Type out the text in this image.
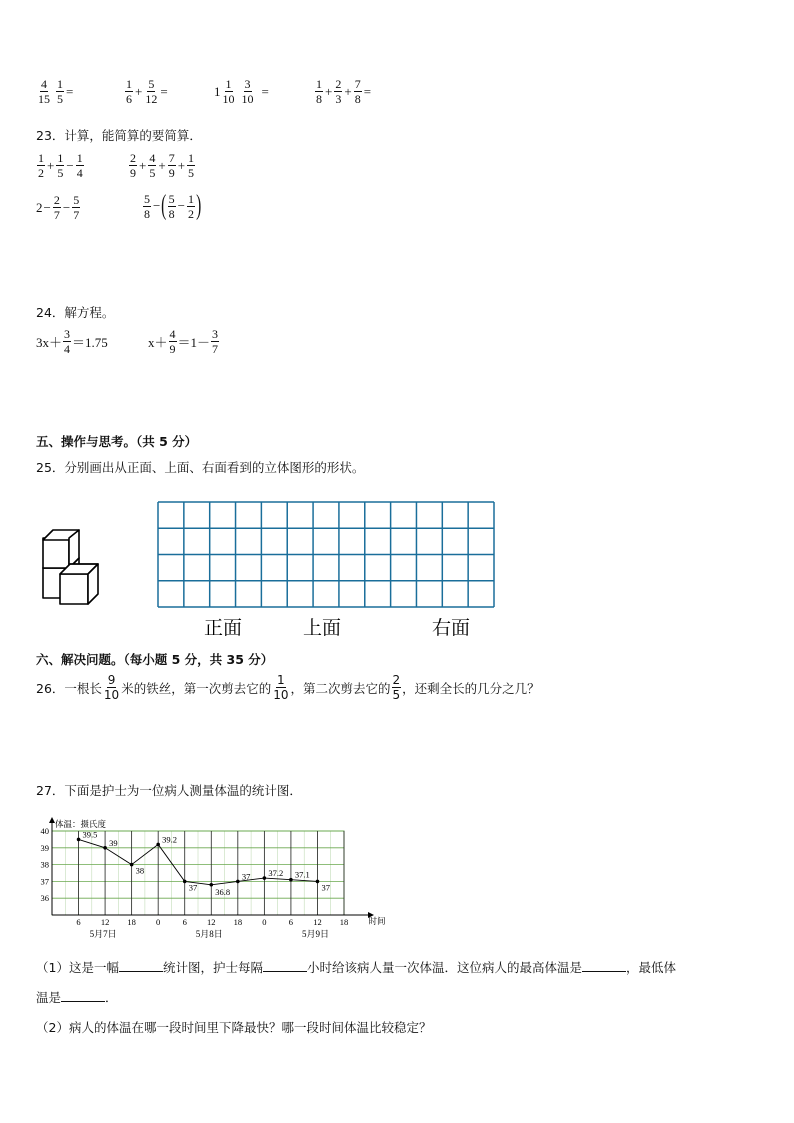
$\frac{4}{15} \frac{1}{5}$ =	$\frac{1}{6} + \frac{5}{12}$ =	$1 \frac{1}{10} \frac{3}{10}$ =	$\frac{1}{8} + \frac{2}{3} + \frac{7}{8}$ =
23．计算，能简算的要简算．
$\frac{1}{2} + \frac{1}{5} - \frac{1}{4}$	$\frac{2}{9} + \frac{4}{5} + \frac{7}{9} + \frac{1}{5}$
$2 - \frac{2}{7} - \frac{5}{7}$	$\frac{5}{8}$ − ( $\frac{5}{8} - \frac{1}{2}$ )
24．解方程。
$3x+ \frac{3}{4} =1.75$	$x+ \frac{4}{9} =1- \frac{3}{7}$
五、操作与思考。（共 5 分）
25．分别画出从正面、上面、右面看到的立体图形的形状。
正面	上面	右面
六、解决问题。（每小题 5 分，共 35 分）
26．一根长 $\frac{9}{10}$ 米的铁丝，第一次剪去它的 $\frac{1}{10}$ ，第二次剪去它的 $\frac{2}{5}$ ，还剩全长的几分之几？
27．下面是护士为一位病人测量体温的统计图．
36
37
38
39
40
体温：摄氏度
6 12 18 0	6 12 18 0	6 12 18 时间
5月7日	5月8日	5月9日
39.5
39
38
39.2
37 36.8
37 37.2 37.1
37
（1）这是一幅	统计图，护士每隔	小时给该病人量一次体温．这位病人的最高体温是	，最低体
温是	．
（2）病人的体温在哪一段时间里下降最快？哪一段时间体温比较稳定？
